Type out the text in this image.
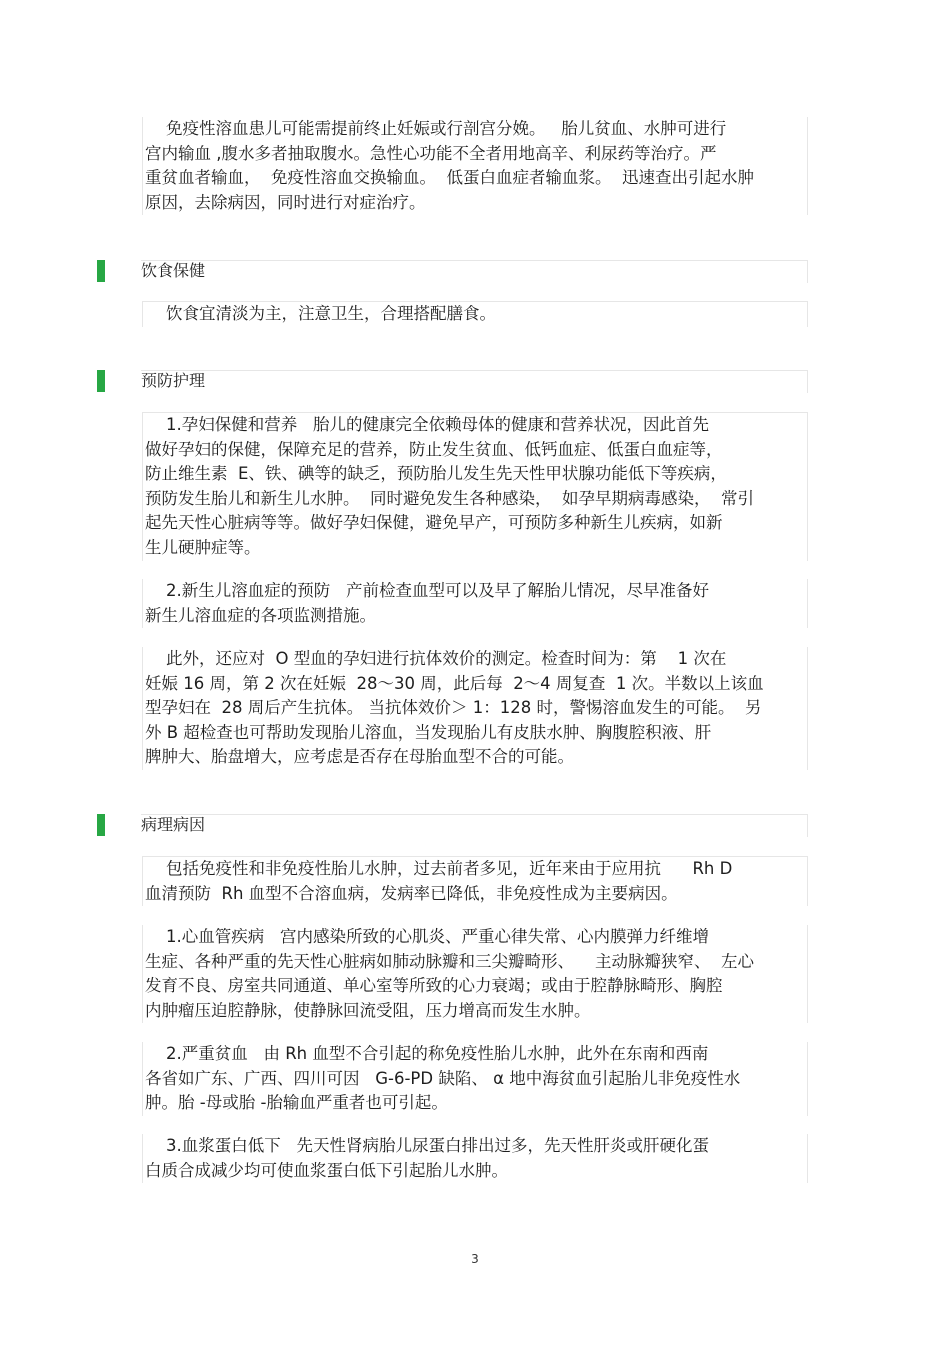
免疫性溶血患儿可能需提前终止妊娠或行剖宫分娩。   胎儿贫血、水肿可进行
宫内输血 ,腹水多者抽取腹水。急性心功能不全者用地高辛、利尿药等治疗。严
重贫血者输血，  免疫性溶血交换输血。  低蛋白血症者输血浆。  迅速查出引起水肿
原因，去除病因，同时进行对症治疗。
饮食保健
饮食宜清淡为主，注意卫生，合理搭配膳食。
预防护理
1.孕妇保健和营养   胎儿的健康完全依赖母体的健康和营养状况，因此首先
做好孕妇的保健，保障充足的营养，防止发生贫血、低钙血症、低蛋白血症等，
防止维生素  E、铁、碘等的缺乏，预防胎儿发生先天性甲状腺功能低下等疾病，
预防发生胎儿和新生儿水肿。  同时避免发生各种感染，  如孕早期病毒感染，  常引
起先天性心脏病等等。做好孕妇保健，避免早产，可预防多种新生儿疾病，如新
生儿硬肿症等。
2.新生儿溶血症的预防   产前检查血型可以及早了解胎儿情况，尽早准备好
新生儿溶血症的各项监测措施。
此外，还应对  O 型血的孕妇进行抗体效价的测定。检查时间为：第    1 次在
妊娠 16 周，第 2 次在妊娠  28～30 周，此后每  2～4 周复查  1 次。半数以上该血
型孕妇在  28 周后产生抗体。 当抗体效价＞ 1：128 时，警惕溶血发生的可能。  另
外 B 超检查也可帮助发现胎儿溶血，当发现胎儿有皮肤水肿、胸腹腔积液、肝
脾肿大、胎盘增大，应考虑是否存在母胎血型不合的可能。
病理病因
包括免疫性和非免疫性胎儿水肿，过去前者多见，近年来由于应用抗      Rh D
血清预防  Rh 血型不合溶血病，发病率已降低，非免疫性成为主要病因。
1.心血管疾病   宫内感染所致的心肌炎、严重心律失常、心内膜弹力纤维增
生症、各种严重的先天性心脏病如肺动脉瓣和三尖瓣畸形、    主动脉瓣狭窄、  左心
发育不良、房室共同通道、单心室等所致的心力衰竭；或由于腔静脉畸形、胸腔
内肿瘤压迫腔静脉，使静脉回流受阻，压力增高而发生水肿。
2.严重贫血   由 Rh 血型不合引起的称免疫性胎儿水肿，此外在东南和西南
各省如广东、广西、四川可因   G-6-PD 缺陷、 α 地中海贫血引起胎儿非免疫性水
肿。胎 -母或胎 -胎输血严重者也可引起。
3.血浆蛋白低下   先天性肾病胎儿尿蛋白排出过多，先天性肝炎或肝硬化蛋
白质合成减少均可使血浆蛋白低下引起胎儿水肿。
3
